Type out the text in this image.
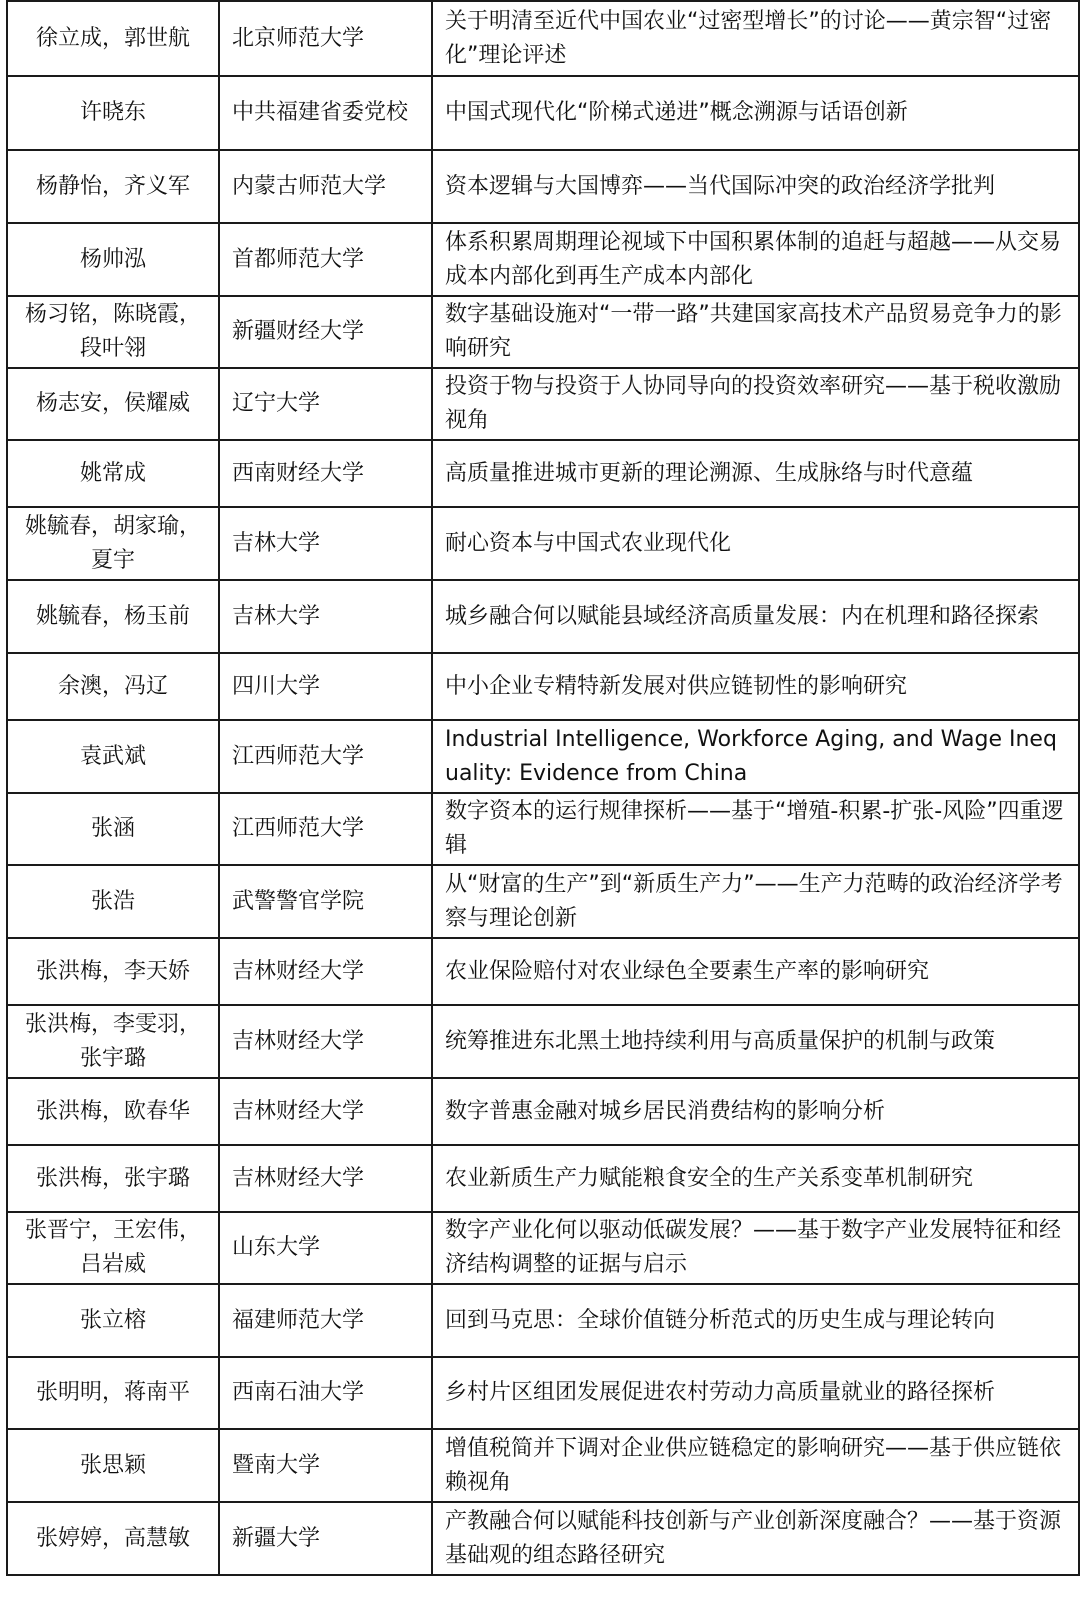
徐立成，郭世航	北京师范大学	关于明清至近代中国农业“过密型增长”的讨论——黄宗智“过密化”理论评述
许晓东	中共福建省委党校	中国式现代化“阶梯式递进”概念溯源与话语创新
杨静怡，齐义军	内蒙古师范大学	资本逻辑与大国博弈——当代国际冲突的政治经济学批判
杨帅泓	首都师范大学	体系积累周期理论视域下中国积累体制的追赶与超越——从交易成本内部化到再生产成本内部化
杨习铭，陈晓霞，段叶翎	新疆财经大学	数字基础设施对“一带一路”共建国家高技术产品贸易竞争力的影响研究
杨志安，侯耀威	辽宁大学	投资于物与投资于人协同导向的投资效率研究——基于税收激励视角
姚常成	西南财经大学	高质量推进城市更新的理论溯源、生成脉络与时代意蕴
姚毓春，胡家瑜，夏宇	吉林大学	耐心资本与中国式农业现代化
姚毓春，杨玉前	吉林大学	城乡融合何以赋能县域经济高质量发展：内在机理和路径探索
余澳，冯辽	四川大学	中小企业专精特新发展对供应链韧性的影响研究
袁武斌	江西师范大学	Industrial Intelligence, Workforce Aging, and Wage Inequality: Evidence from China
张涵	江西师范大学	数字资本的运行规律探析——基于“增殖-积累-扩张-风险”四重逻辑
张浩	武警警官学院	从“财富的生产”到“新质生产力”——生产力范畴的政治经济学考察与理论创新
张洪梅，李天娇	吉林财经大学	农业保险赔付对农业绿色全要素生产率的影响研究
张洪梅，李雯羽，张宇璐	吉林财经大学	统筹推进东北黑土地持续利用与高质量保护的机制与政策
张洪梅，欧春华	吉林财经大学	数字普惠金融对城乡居民消费结构的影响分析
张洪梅，张宇璐	吉林财经大学	农业新质生产力赋能粮食安全的生产关系变革机制研究
张晋宁，王宏伟，吕岩威	山东大学	数字产业化何以驱动低碳发展？——基于数字产业发展特征和经济结构调整的证据与启示
张立榕	福建师范大学	回到马克思：全球价值链分析范式的历史生成与理论转向
张明明，蒋南平	西南石油大学	乡村片区组团发展促进农村劳动力高质量就业的路径探析
张思颖	暨南大学	增值税简并下调对企业供应链稳定的影响研究——基于供应链依赖视角
张婷婷，高慧敏	新疆大学	产教融合何以赋能科技创新与产业创新深度融合？——基于资源基础观的组态路径研究
